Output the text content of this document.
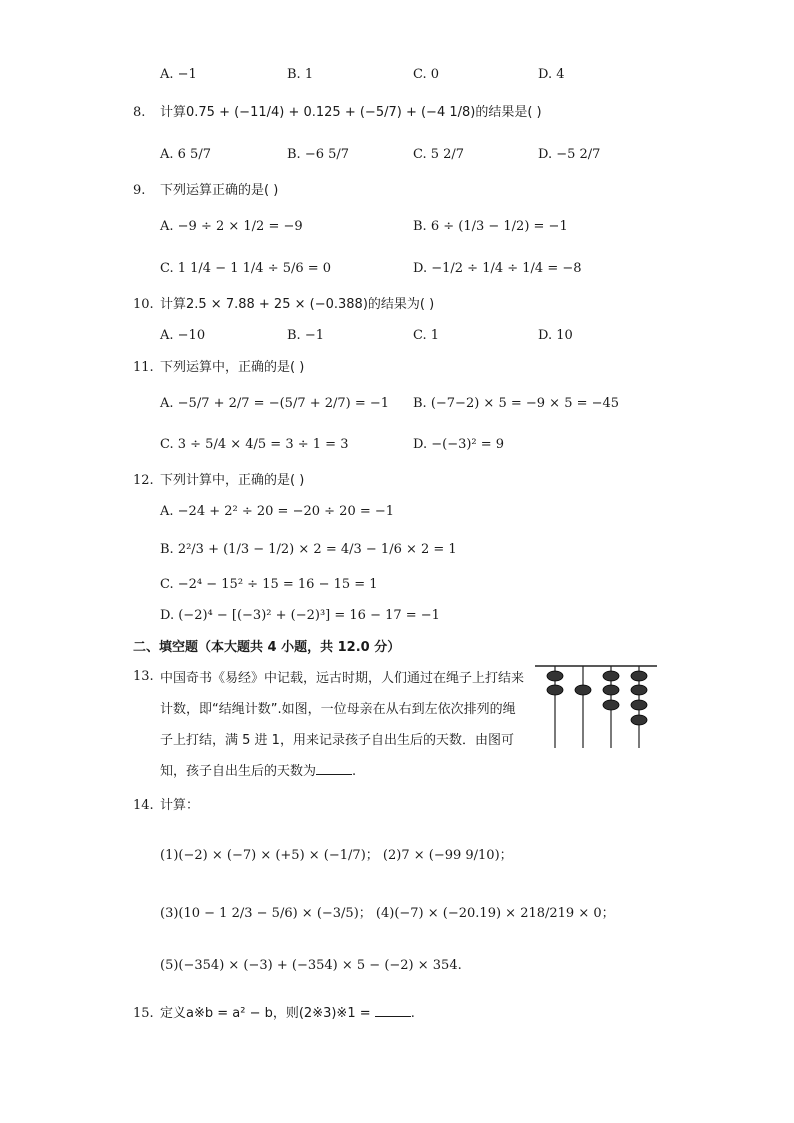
A. −1	B. 1	C. 0	D. 4
8. 计算0.75 + (−11/4) + 0.125 + (−5/7) + (−4 1/8)的结果是( )
A. 6 5/7	B. −6 5/7	C. 5 2/7	D. −5 2/7
9. 下列运算正确的是( )
A. −9 ÷ 2 × 1/2 = −9	B. 6 ÷ (1/3 − 1/2) = −1
C. 1 1/4 − 1 1/4 ÷ 5/6 = 0	D. −1/2 ÷ 1/4 ÷ 1/4 = −8
10. 计算2.5 × 7.88 + 25 × (−0.388)的结果为( )
A. −10	B. −1	C. 1	D. 10
11. 下列运算中，正确的是( )
A. −5/7 + 2/7 = −(5/7 + 2/7) = −1 B. (−7−2) × 5 = −9 × 5 = −45
C. 3 ÷ 5/4 × 4/5 = 3 ÷ 1 = 3	D. −(−3)² = 9
12. 下列计算中，正确的是( )
A. −24 + 2² ÷ 20 = −20 ÷ 20 = −1
B. 2²/3 + (1/3 − 1/2) × 2 = 4/3 − 1/6 × 2 = 1
C. −2⁴ − 15² ÷ 15 = 16 − 15 = 1
D. (−2)⁴ − [(−3)² + (−2)³] = 16 − 17 = −1
二、填空题（本大题共 4 小题，共 12.0 分）
13. 中国奇书《易经》中记载，远古时期，人们通过在绳子上打结来计数，即“结绳计数”.如图，一位母亲在从右到左依次排列的绳子上打结，满 5 进 1，用来记录孩子自出生后的天数．由图可知，孩子自出生后的天数为	.
14. 计算：
(1)(−2) × (−7) × (+5) × (−1/7)； (2)7 × (−99 9/10)；
(3)(10 − 1 2/3 − 5/6) × (−3/5)； (4)(−7) × (−20.19) × 218/219 × 0；
(5)(−354) × (−3) + (−354) × 5 − (−2) × 354.
15. 定义a※b = a² − b，则(2※3)※1 =	.
